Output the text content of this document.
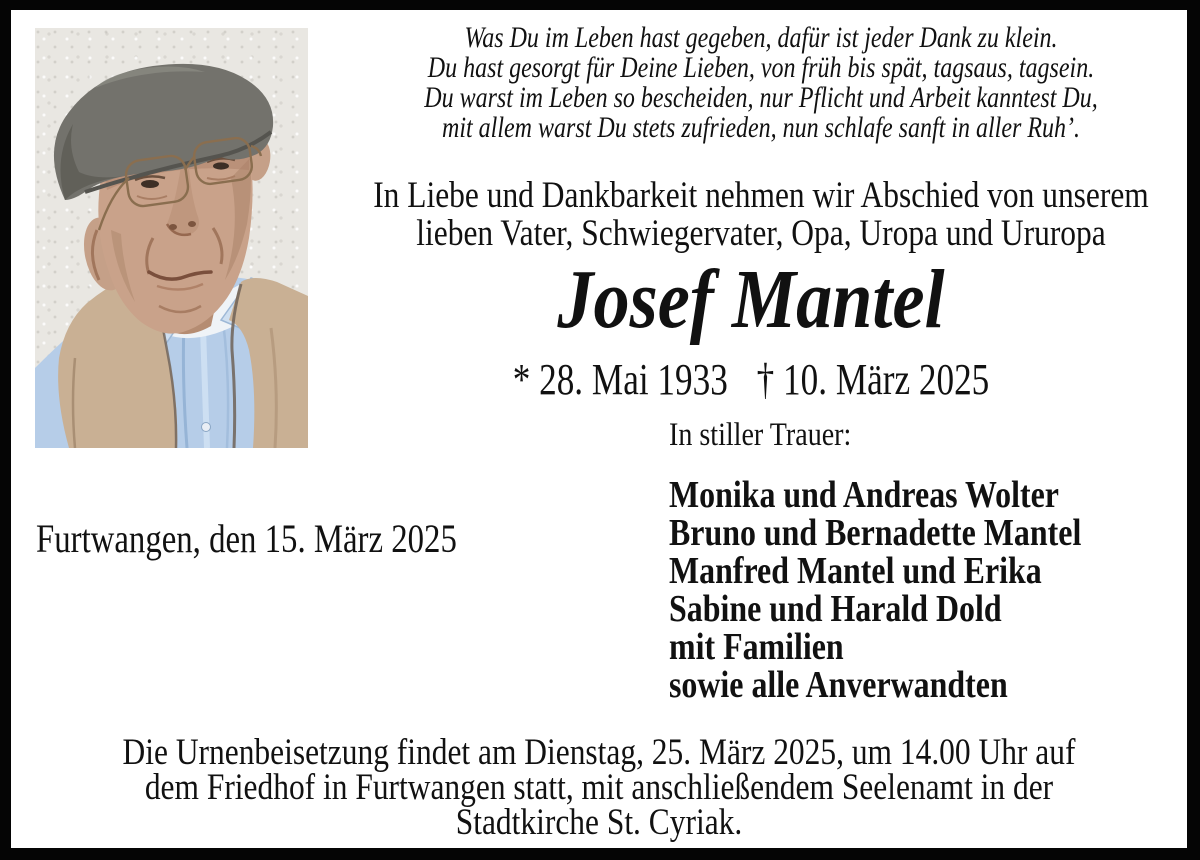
Was Du im Leben hast gegeben, dafür ist jeder Dank zu klein.
Du hast gesorgt für Deine Lieben, von früh bis spät, tagsaus, tagsein.
Du warst im Leben so bescheiden, nur Pflicht und Arbeit kanntest Du,
mit allem warst Du stets zufrieden, nun schlafe sanft in aller Ruh’.
In Liebe und Dankbarkeit nehmen wir Abschied von unserem
lieben Vater, Schwiegervater, Opa, Uropa und Ururopa
Josef Mantel
* 28. Mai 1933 † 10. März 2025
In stiller Trauer:
Monika und Andreas Wolter
Bruno und Bernadette Mantel
Manfred Mantel und Erika
Sabine und Harald Dold
mit Familien
sowie alle Anverwandten
Furtwangen, den 15. März 2025
Die Urnenbeisetzung findet am Dienstag, 25. März 2025, um 14.00 Uhr auf
dem Friedhof in Furtwangen statt, mit anschließendem Seelenamt in der
Stadtkirche St. Cyriak.
